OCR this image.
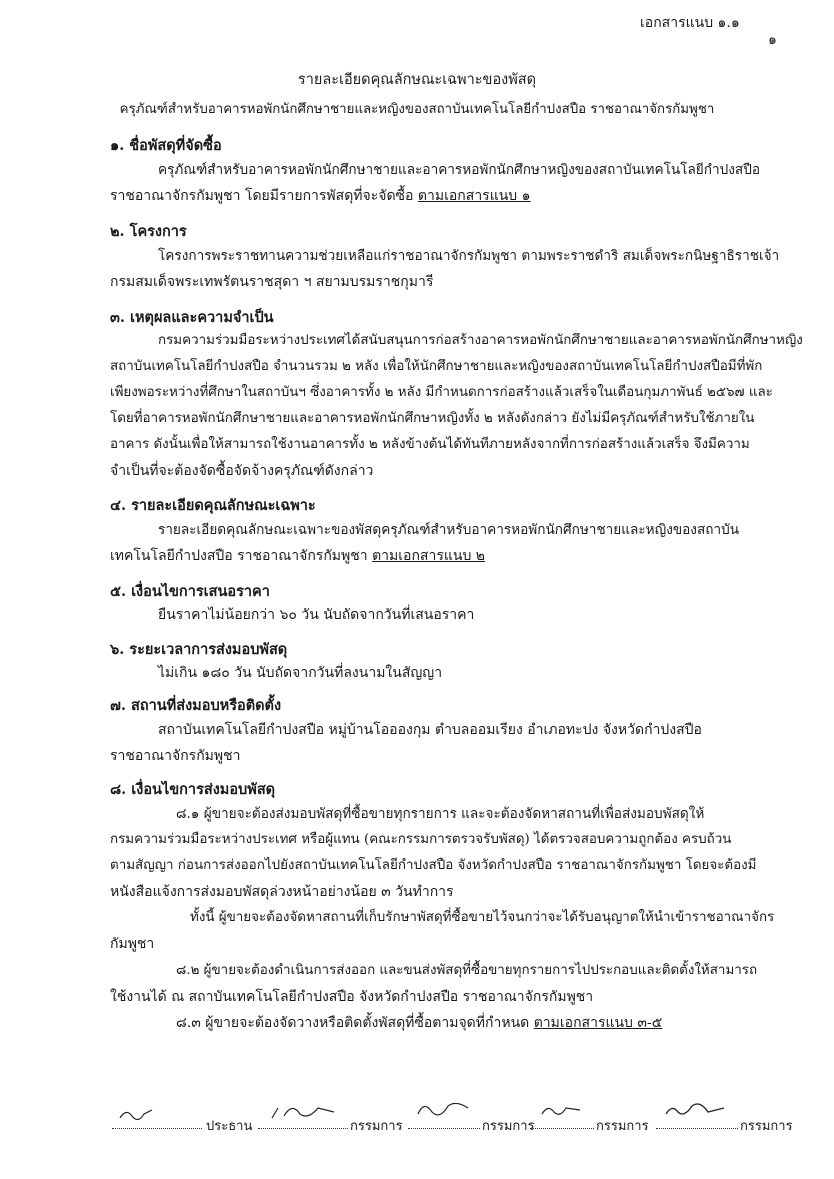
เอกสารแนบ ๑.๑
๑
รายละเอียดคุณลักษณะเฉพาะของพัสดุ
ครุภัณฑ์สำหรับอาคารหอพักนักศึกษาชายและหญิงของสถาบันเทคโนโลยีกำปงสปือ ราชอาณาจักรกัมพูชา
๑. ชื่อพัสดุที่จัดซื้อ
ครุภัณฑ์สำหรับอาคารหอพักนักศึกษาชายและอาคารหอพักนักศึกษาหญิงของสถาบันเทคโนโลยีกำปงสปือ
ราชอาณาจักรกัมพูชา โดยมีรายการพัสดุที่จะจัดซื้อ ตามเอกสารแนบ ๑
๒. โครงการ
โครงการพระราชทานความช่วยเหลือแก่ราชอาณาจักรกัมพูชา ตามพระราชดำริ สมเด็จพระกนิษฐาธิราชเจ้า
กรมสมเด็จพระเทพรัตนราชสุดา ฯ สยามบรมราชกุมารี
๓. เหตุผลและความจำเป็น
กรมความร่วมมือระหว่างประเทศได้สนับสนุนการก่อสร้างอาคารหอพักนักศึกษาชายและอาคารหอพักนักศึกษาหญิง
สถาบันเทคโนโลยีกำปงสปือ จำนวนรวม ๒ หลัง เพื่อให้นักศึกษาชายและหญิงของสถาบันเทคโนโลยีกำปงสปือมีที่พัก
เพียงพอระหว่างที่ศึกษาในสถาบันฯ ซึ่งอาคารทั้ง ๒ หลัง มีกำหนดการก่อสร้างแล้วเสร็จในเดือนกุมภาพันธ์ ๒๕๖๗ และ
โดยที่อาคารหอพักนักศึกษาชายและอาคารหอพักนักศึกษาหญิงทั้ง ๒ หลังดังกล่าว ยังไม่มีครุภัณฑ์สำหรับใช้ภายใน
อาคาร ดังนั้นเพื่อให้สามารถใช้งานอาคารทั้ง ๒ หลังข้างต้นได้ทันทีภายหลังจากที่การก่อสร้างแล้วเสร็จ จึงมีความ
จำเป็นที่จะต้องจัดซื้อจัดจ้างครุภัณฑ์ดังกล่าว
๔. รายละเอียดคุณลักษณะเฉพาะ
รายละเอียดคุณลักษณะเฉพาะของพัสดุครุภัณฑ์สำหรับอาคารหอพักนักศึกษาชายและหญิงของสถาบัน
เทคโนโลยีกำปงสปือ ราชอาณาจักรกัมพูชา ตามเอกสารแนบ ๒
๕. เงื่อนไขการเสนอราคา
ยืนราคาไม่น้อยกว่า ๖๐ วัน นับถัดจากวันที่เสนอราคา
๖. ระยะเวลาการส่งมอบพัสดุ
ไม่เกิน ๑๘๐ วัน นับถัดจากวันที่ลงนามในสัญญา
๗. สถานที่ส่งมอบหรือติดตั้ง
สถาบันเทคโนโลยีกำปงสปือ หมู่บ้านโอออง​กุม ตำบลออมเรียง อำเภอทะปง จังหวัดกำปงสปือ
ราชอาณาจักรกัมพูชา
๘. เงื่อนไขการส่งมอบพัสดุ
๘.๑ ผู้ขายจะต้องส่งมอบพัสดุที่ซื้อขายทุกรายการ และจะต้องจัดหาสถานที่เพื่อส่งมอบพัสดุให้
กรมความร่วมมือระหว่างประเทศ หรือผู้แทน (คณะกรรมการตรวจรับพัสดุ) ได้ตรวจสอบความถูกต้อง ครบถ้วน
ตามสัญญา ก่อนการส่งออกไปยังสถาบันเทคโนโลยีกำปงสปือ จังหวัดกำปงสปือ ราชอาณาจักรกัมพูชา โดยจะต้องมี
หนังสือแจ้งการส่งมอบพัสดุล่วงหน้าอย่างน้อย ๓ วันทำการ
ทั้งนี้ ผู้ขายจะต้องจัดหาสถานที่เก็บรักษาพัสดุที่ซื้อขายไว้จนกว่าจะได้รับอนุญาตให้นำเข้าราชอาณาจักร
กัมพูชา
๘.๒ ผู้ขายจะต้องดำเนินการส่งออก และขนส่งพัสดุที่ซื้อขายทุกรายการไปประกอบและติดตั้งให้สามารถ
ใช้งานได้ ณ สถาบันเทคโนโลยีกำปงสปือ จังหวัดกำปงสปือ ราชอาณาจักรกัมพูชา
๘.๓ ผู้ขายจะต้องจัดวางหรือติดตั้งพัสดุที่ซื้อตามจุดที่กำหนด ตามเอกสารแนบ ๓-๕
ประธาน	กรรมการ	กรรมการ	กรรมการ	กรรมการ
